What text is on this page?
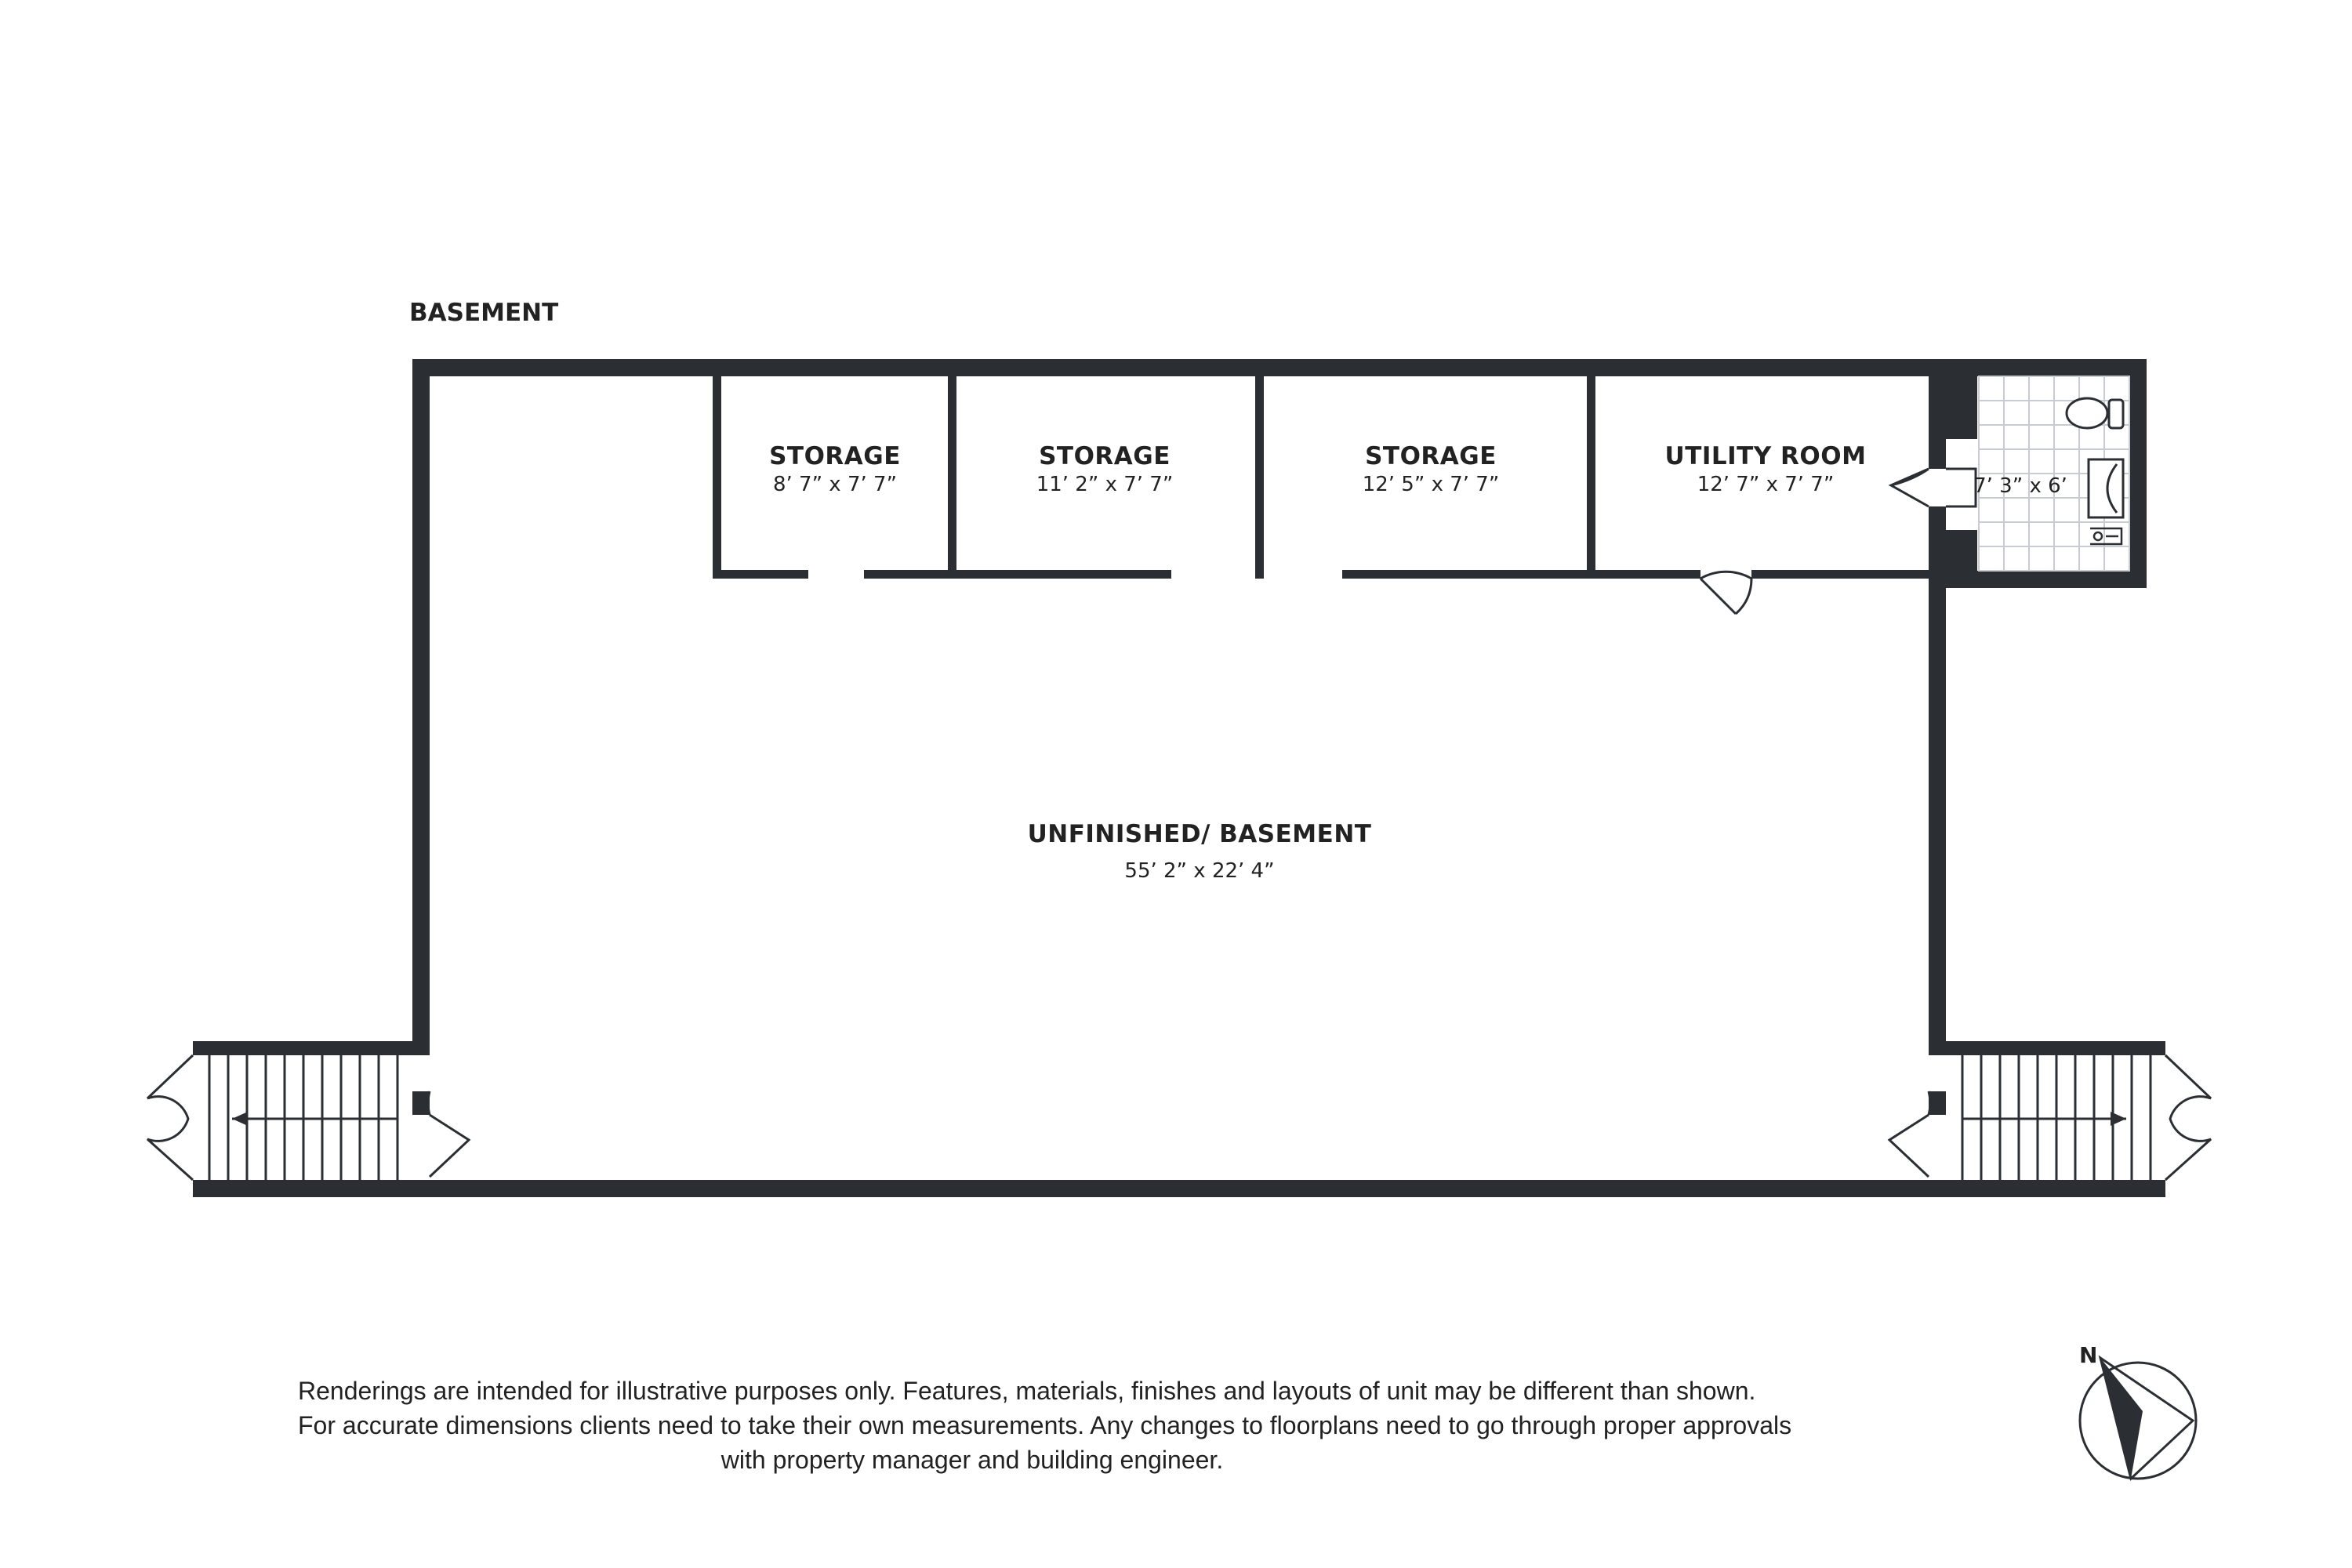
BASEMENT
STORAGE
8’ 7” x 7’ 7”
STORAGE
11’ 2” x 7’ 7”
STORAGE
12’ 5” x 7’ 7”
UTILITY ROOM
12’ 7” x 7’ 7”	7’ 3” x 6’
UNFINISHED/ BASEMENT
55’ 2” x 22’ 4”
N
Renderings are intended for illustrative purposes only. Features, materials, finishes and layouts of unit may be different than shown.
For accurate dimensions clients need to take their own measurements. Any changes to floorplans need to go through proper approvals
with property manager and building engineer.
